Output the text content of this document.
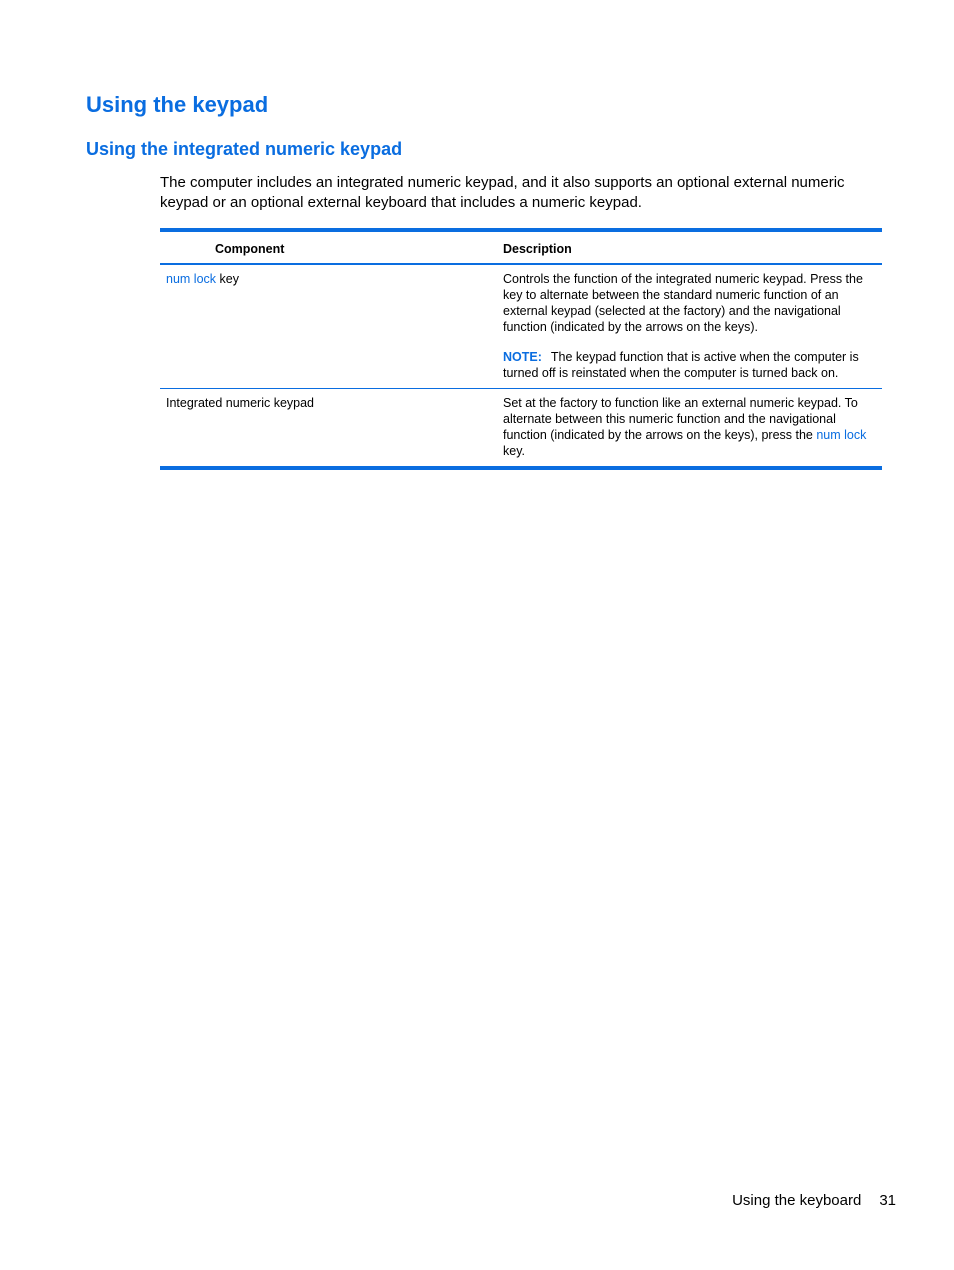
Using the keypad
Using the integrated numeric keypad

The computer includes an integrated numeric keypad, and it also supports an optional external numeric keypad or an optional external keyboard that includes a numeric keypad.

Component	Description
num lock key	Controls the function of the integrated numeric keypad. Press the key to alternate between the standard numeric function of an external keypad (selected at the factory) and the navigational function (indicated by the arrows on the keys).
NOTE: The keypad function that is active when the computer is turned off is reinstated when the computer is turned back on.
Integrated numeric keypad	Set at the factory to function like an external numeric keypad. To alternate between this numeric function and the navigational function (indicated by the arrows on the keys), press the num lock key.
Using the keyboard 31
